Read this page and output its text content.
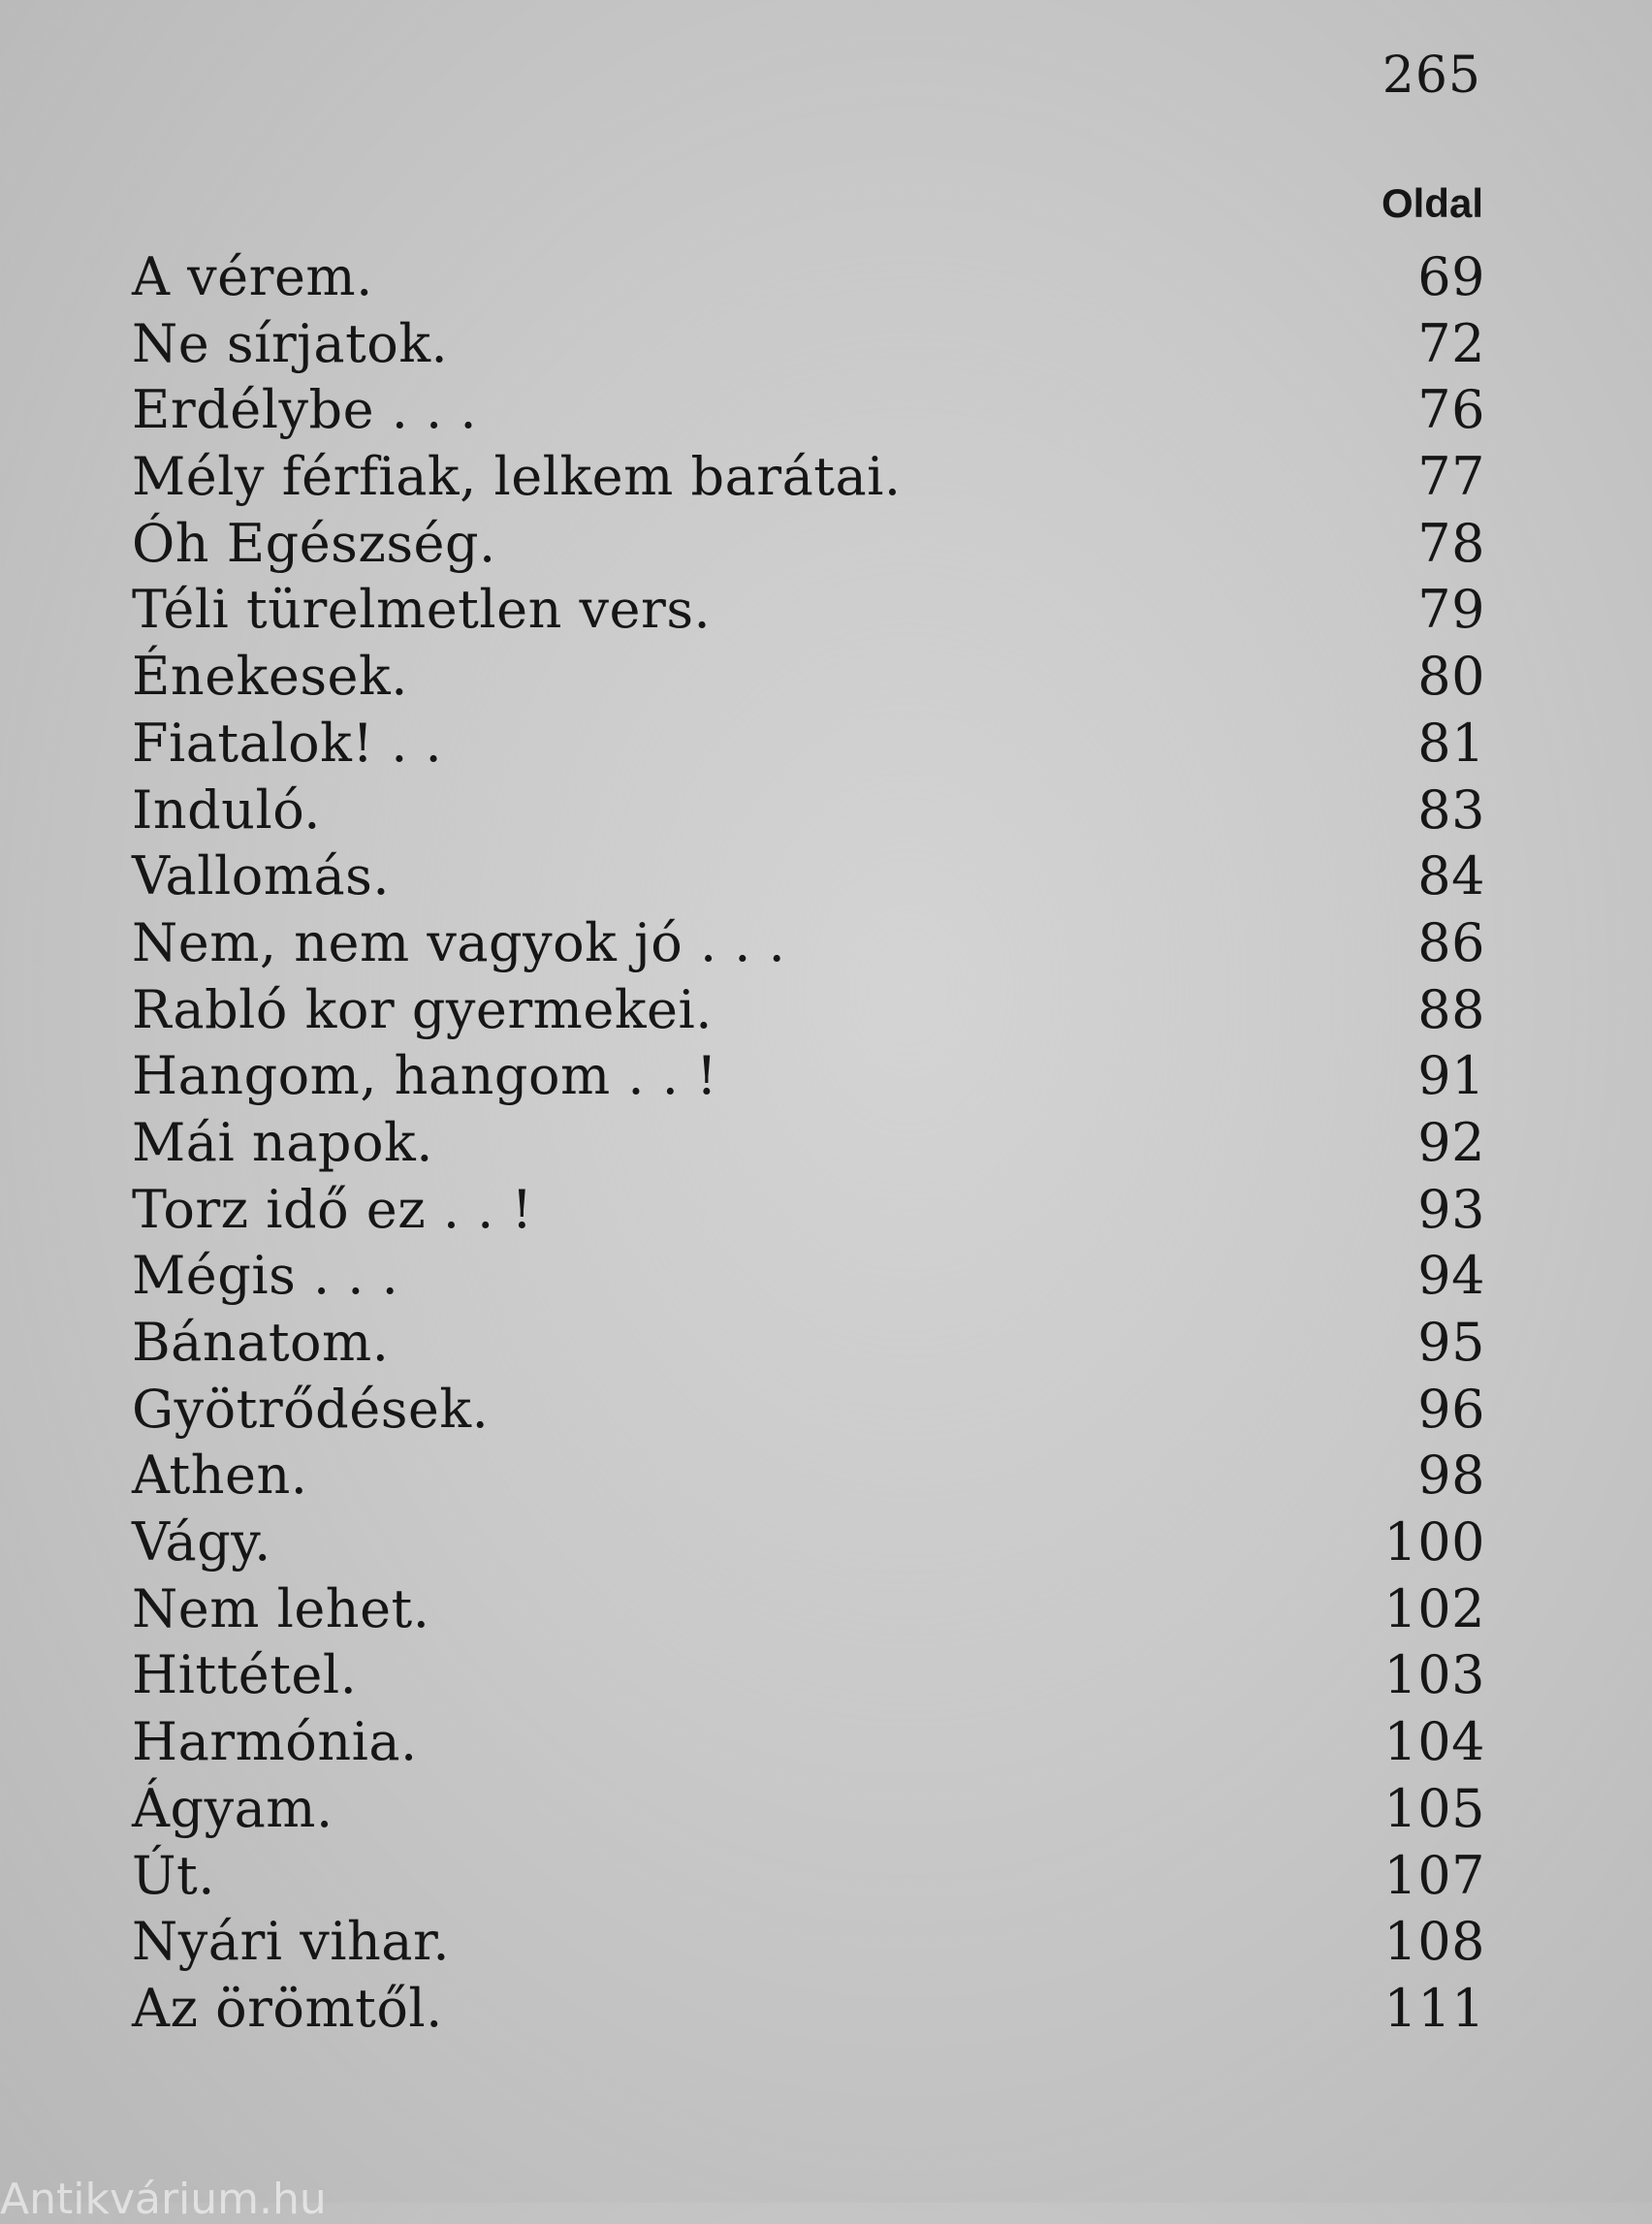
265
Oldal
A vérem.	69
Ne sírjatok.	72
Erdélybe . . .	76
Mély férfiak, lelkem barátai.	77
Óh Egészség.	78
Téli türelmetlen vers.	79
Énekesek.	80
Fiatalok! . .	81
Induló.	83
Vallomás.	84
Nem, nem vagyok jó . . .	86
Rabló kor gyermekei.	88
Hangom, hangom . . !	91
Mái napok.	92
Torz idő ez . . !	93
Mégis . . .	94
Bánatom.	95
Gyötrődések.	96
Athen.	98
Vágy.	100
Nem lehet.	102
Hittétel.	103
Harmónia.	104
Ágyam.	105
Út.	107
Nyári vihar.	108
Az örömtől.	111
Antikvárium.hu
